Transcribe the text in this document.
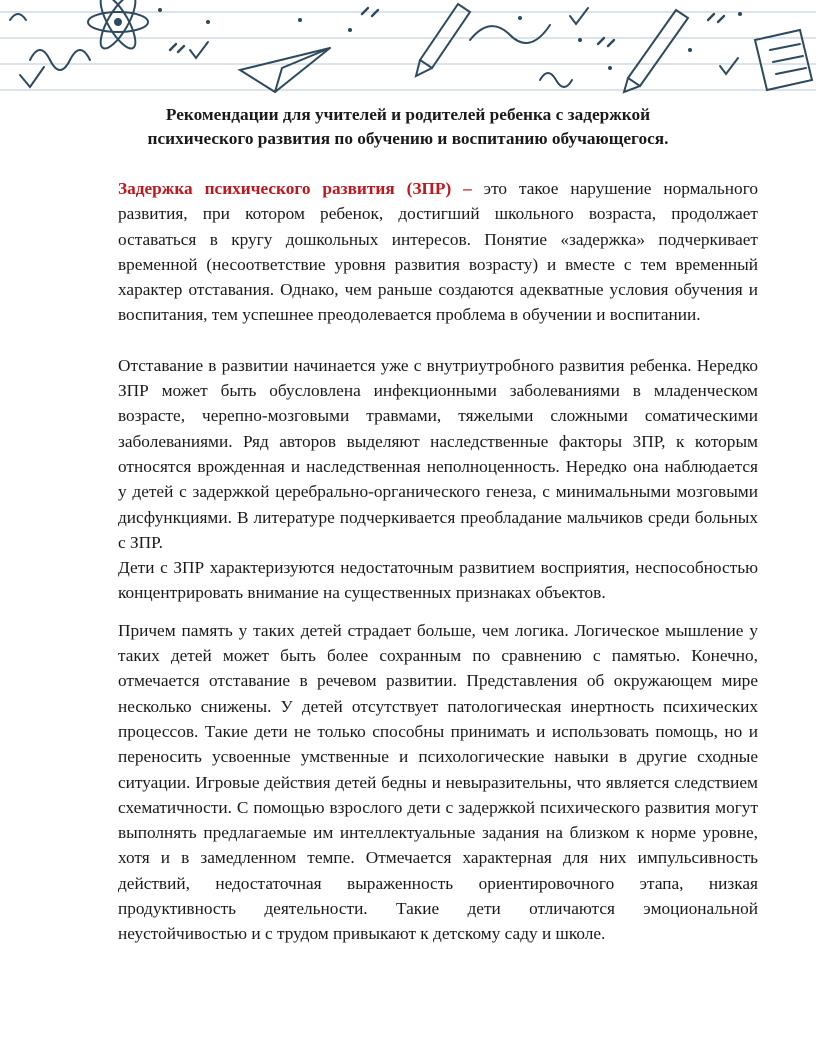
Рекомендации для учителей и родителей ребенка с задержкой
психического развития по обучению и воспитанию обучающегося.

Задержка психического развития (ЗПР) – это такое нарушение нормального развития, при котором ребенок, достигший школьного возраста, продолжает оставаться в кругу дошкольных интересов. Понятие «задержка» подчеркивает временной (несоответствие уровня развития возрасту) и вместе с тем временный характер отставания. Однако, чем раньше создаются адекватные условия обучения и воспитания, тем успешнее преодолевается проблема в обучении и воспитании.

Отставание в развитии начинается уже с внутриутробного развития ребенка. Нередко ЗПР может быть обусловлена инфекционными заболеваниями в младенческом возрасте, черепно-мозговыми травмами, тяжелыми сложными соматическими заболеваниями. Ряд авторов выделяют наследственные факторы ЗПР, к которым относятся врожденная и наследственная неполноценность. Нередко она наблюдается у детей с задержкой церебрально-органического генеза, с минимальными мозговыми дисфункциями. В литературе подчеркивается преобладание мальчиков среди больных с ЗПР.

Дети с ЗПР характеризуются недостаточным развитием восприятия, неспособностью концентрировать внимание на существенных признаках объектов.

Причем память у таких детей страдает больше, чем логика. Логическое мышление у таких детей может быть более сохранным по сравнению с памятью. Конечно, отмечается отставание в речевом развитии. Представления об окружающем мире несколько снижены. У детей отсутствует патологическая инертность психических процессов. Такие дети не только способны принимать и использовать помощь, но и переносить усвоенные умственные и психологические навыки в другие сходные ситуации. Игровые действия детей бедны и невыразительны, что является следствием схематичности. С помощью взрослого дети с задержкой психического развития могут выполнять предлагаемые им интеллектуальные задания на близком к норме уровне, хотя и в замедленном темпе. Отмечается характерная для них импульсивность действий, недостаточная выраженность ориентировочного этапа, низкая продуктивность деятельности. Такие дети отличаются эмоциональной неустойчивостью и с трудом привыкают к детскому саду и школе.
